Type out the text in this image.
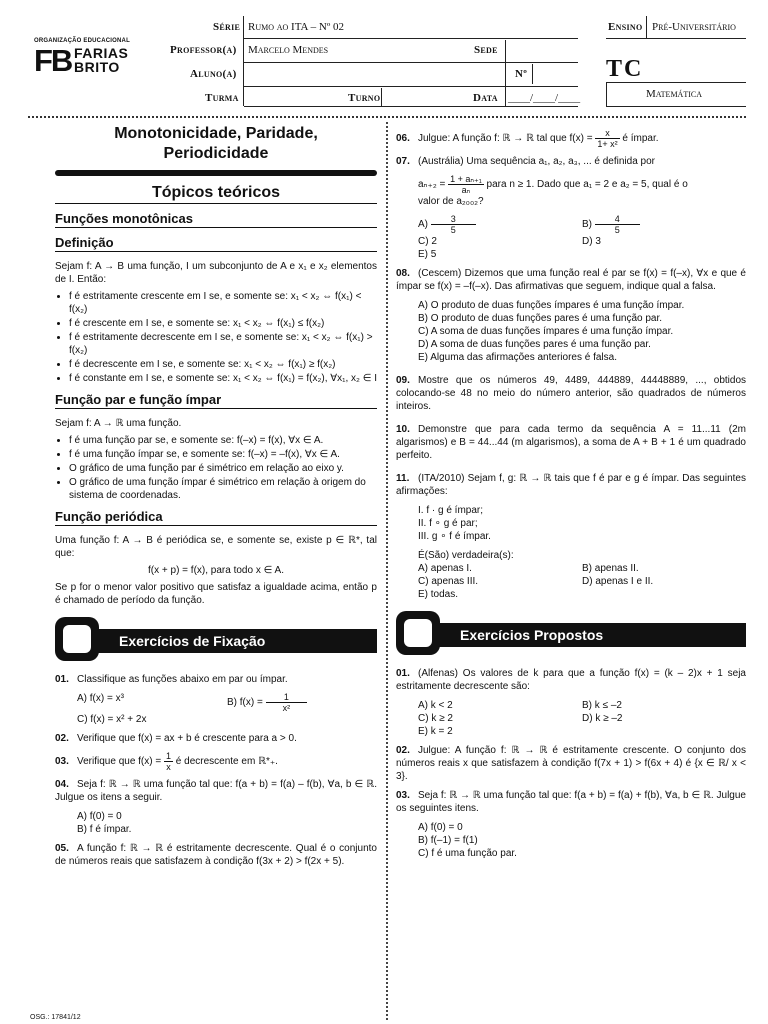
ORGANIZAÇÃO EDUCACIONAL
FB FARIAS
BRITO
Série Rumo ao ITA – Nº 02
Professor(a) Marcelo Mendes	Sede
Aluno(a)	Nº
Turma	Turno	Data ____/____/____
Ensino Pré-Universitário
TC
Matemática
Monotonicidade, Paridade,
Periodicidade
Tópicos teóricos
Funções monotônicas
Definição

Sejam f: A → B uma função, I um subconjunto de A e x₁ e x₂ elementos de I. Então:

• f é estritamente crescente em I se, e somente se: x₁ < x₂ ⇔ f(x₁) < f(x₂)
• f é crescente em I se, e somente se: x₁ < x₂ ⇔ f(x₁) ≤ f(x₂)
• f é estritamente decrescente em I se, e somente se: x₁ < x₂ ⇔ f(x₁) > f(x₂)
• f é decrescente em I se, e somente se: x₁ < x₂ ⇔ f(x₁) ≥ f(x₂)
• f é constante em I se, e somente se: x₁ < x₂ ⇔ f(x₁) = f(x₂), ∀x₁, x₂ ∈ I
Função par e função ímpar

Sejam f: A → ℝ uma função.

• f é uma função par se, e somente se: f(–x) = f(x), ∀x ∈ A.
• f é uma função ímpar se, e somente se: f(–x) = –f(x), ∀x ∈ A.
• O gráfico de uma função par é simétrico em relação ao eixo y.
• O gráfico de uma função ímpar é simétrico em relação à origem do sistema de coordenadas.
Função periódica

Uma função f: A → B é periódica se, e somente se, existe p ∈ ℝ*, tal que:

f(x + p) = f(x), para todo x ∈ A.

Se p for o menor valor positivo que satisfaz a igualdade acima, então p é chamado de período da função.

Exercícios de Fixação
01. Classifique as funções abaixo em par ou ímpar.
A) f(x) = x³	B) $f(x) = \frac{1}{\text{x²}}$
C) f(x) = x² + 2x
02. Verifique que f(x) = ax + b é crescente para a > 0.
03. Verifique que $f(x) = \frac{1}{x}$ é decrescente em ℝ*₊.
04. Seja f: ℝ → ℝ uma função tal que: f(a + b) = f(a) – f(b), ∀a, b ∈ ℝ. Julgue os itens a seguir.
A) f(0) = 0
B) f é ímpar.
05. A função f: ℝ → ℝ é estritamente decrescente. Qual é o conjunto de números reais que satisfazem à condição f(3x + 2) > f(2x + 5).
06. Julgue: A função f: ℝ → ℝ tal que $f(x) = \frac{x}{\text{1+ x²}}$ é ímpar.
07. (Austrália) Uma sequência a₁, a₂, a₃, ... é definida por
$a_{n+2} = \frac{\text{1 + aₙ₊₁}}{\text{aₙ}}$ para n ≥ 1. Dado que a₁ = 2 e a₂ = 5, qual é o
valor de a₂₀₀₂?
$A) \frac{3}{5}$	$B) \frac{4}{5}$
C) 2	D) 3
E) 5
08. (Cescem) Dizemos que uma função real é par se f(x) = f(–x), ∀x e que é ímpar se f(x) = –f(–x). Das afirmativas que seguem, indique qual a falsa.
A) O produto de duas funções ímpares é uma função ímpar.
B) O produto de duas funções pares é uma função par.
C) A soma de duas funções ímpares é uma função ímpar.
D) A soma de duas funções pares é uma função par.
E) Alguma das afirmações anteriores é falsa.
09. Mostre que os números 49, 4489, 444889, 44448889, ..., obtidos colocando-se 48 no meio do número anterior, são quadrados de números inteiros.
10. Demonstre que para cada termo da sequência A = 11...11 (2m algarismos) e B = 44...44 (m algarismos), a soma de A + B + 1 é um quadrado perfeito.
11. (ITA/2010) Sejam f, g: ℝ → ℝ tais que f é par e g é ímpar. Das seguintes afirmações:
I. f · g é ímpar;
II. f ∘ g é par;
III. g ∘ f é ímpar.
É(São) verdadeira(s):
A) apenas I.	B) apenas II.
C) apenas III.	D) apenas I e II.
E) todas.
Exercícios Propostos
01. (Alfenas) Os valores de k para que a função f(x) = (k – 2)x + 1 seja estritamente decrescente são:
A) k < 2	B) k ≤ –2
C) k ≥ 2	D) k ≥ –2
E) k = 2
02. Julgue: A função f: ℝ → ℝ é estritamente crescente. O conjunto dos números reais x que satisfazem à condição f(7x + 1) > f(6x + 4) é {x ∈ ℝ/ x < 3}.
03. Seja f: ℝ → ℝ uma função tal que: f(a + b) = f(a) + f(b), ∀a, b ∈ ℝ. Julgue os seguintes itens.
A) f(0) = 0
B) f(–1) = f(1)
C) f é uma função par.
OSG.: 17841/12
